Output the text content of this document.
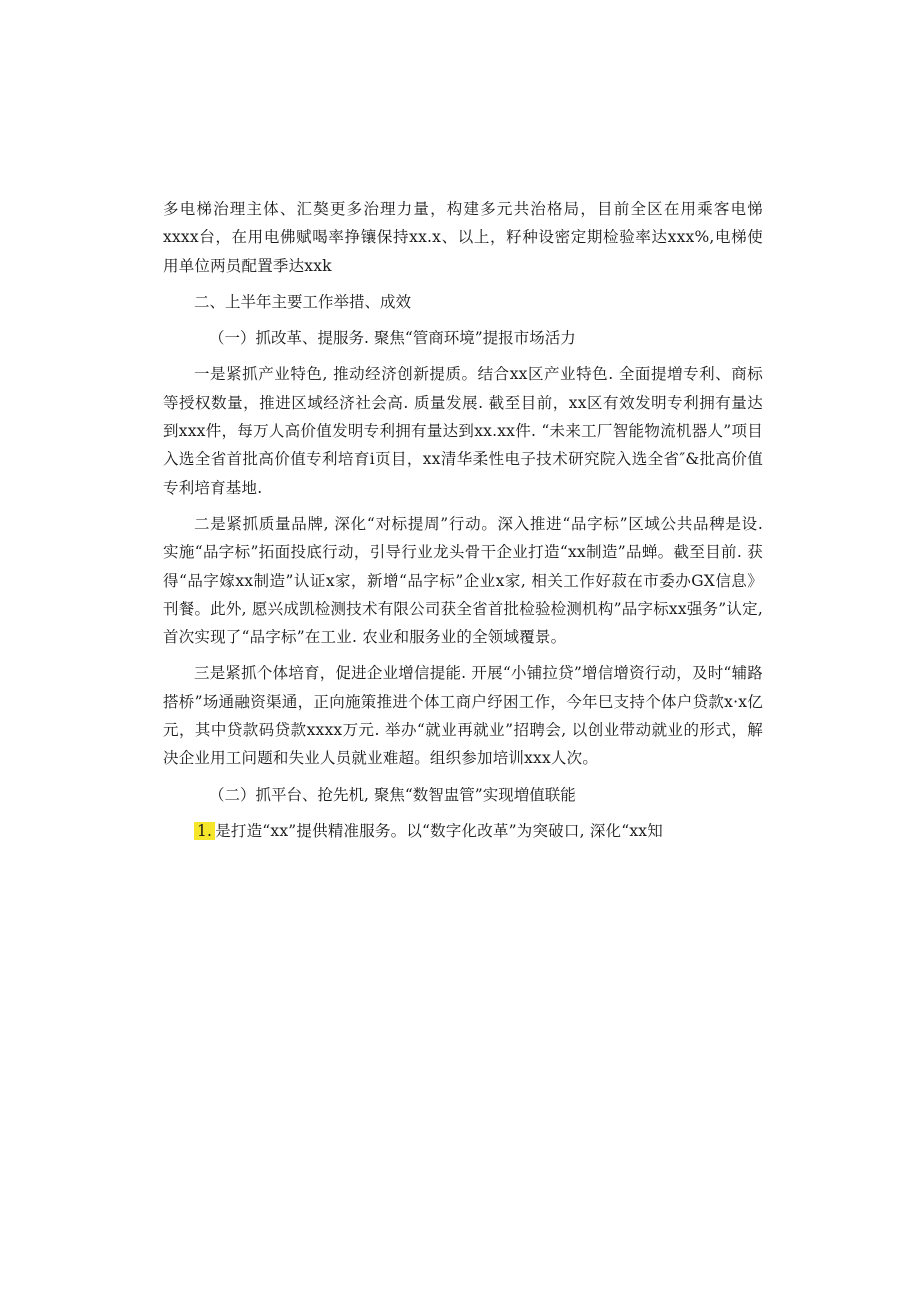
多电梯治理主体、汇獒更多治理力量，构建多元共治格局，目前全区在用乘客电悌xxxx台，在用电佛赋喝率挣镶保持xx.x、以上，籽种设密定期检验率达xxx%,电梯使用单位两员配置季达xxk

二、上半年主要工作举措、成效

（一）抓改革、提服务. 聚焦“管商环境”提报市场活力

一是紧抓产业特色, 推动经济创新提质。结合xx区产业特色. 全面提増专利、商标等授权数量，推进区域经济社会高. 质量发展. 截至目前，xx区有效发明专利拥有量达到xxx件，每万人高价值发明专利拥有量达到xx.xx件. “未来工厂智能物流机器人”项目入选全省首批高价值专利培育i页目，xx清华柔性电子技术研究院入选全省″&批高价值专利培育基地.

二是紧抓质量品牌, 深化“对标提周”行动。深入推进“品字标”区域公共品稗是设. 实施“品字标”拓面投底行动，引导行业龙头骨干企业打造“xx制造”品蝉。截至目前. 获得“品字嫁xx制造”认证x家，新增“品字标”企业x家, 相关工作好菽在市委办GX信息》刊餐。此外, 愿兴成凯检测技术有限公司获全省首批检验检测机构”品字标xx强务”认定, 首次实现了“品字标”在工业. 农业和服务业的全领域覆景。

三是紧抓个体培育，促进企业增信提能. 开展“小铺拉贷”增信增资行动，及时“辅路搭桥”场通融资渠通，正向施策推进个体工商户纾困工作，今年巳支持个体户贷款x·x亿元，其中贷款码贷款xxxx万元. 举办“就业再就业”招聘会, 以创业带动就业的形式，解决企业用工问题和失业人员就业难超。组织参加培训xxx人次。

（二）抓平台、抢先机, 聚焦“数智盅管”实现増值联能

1. 是打造“xx”提供精准服务。以“数字化改革”为突破口, 深化“xx知
